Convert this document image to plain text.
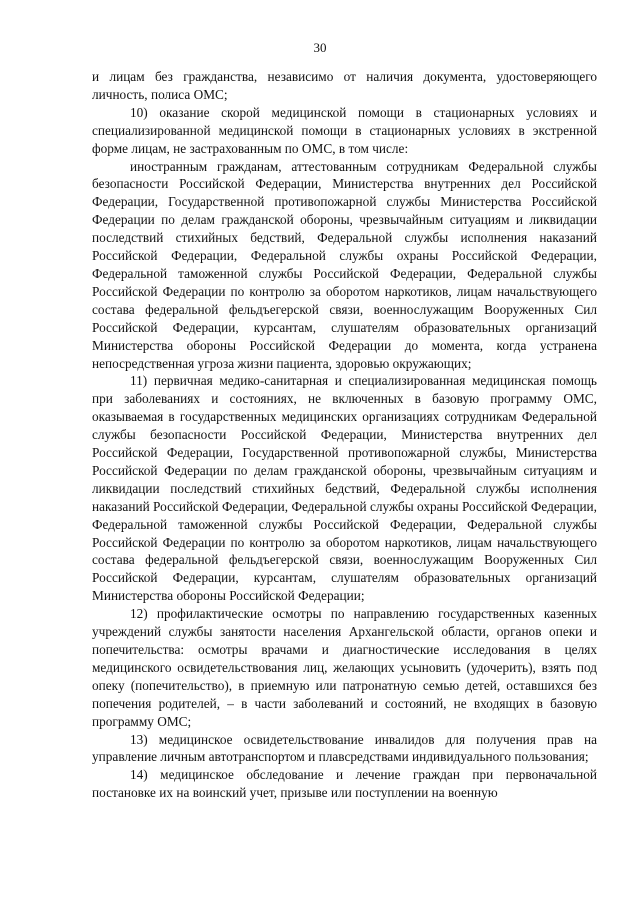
30

и лицам без гражданства, независимо от наличия документа, удостоверяющего личность, полиса ОМС;

10) оказание скорой медицинской помощи в стационарных условиях и специализированной медицинской помощи в стационарных условиях в экстренной форме лицам, не застрахованным по ОМС, в том числе:

иностранным гражданам, аттестованным сотрудникам Федеральной службы безопасности Российской Федерации, Министерства внутренних дел Российской Федерации, Государственной противопожарной службы Министерства Российской Федерации по делам гражданской обороны, чрезвычайным ситуациям и ликвидации последствий стихийных бедствий, Федеральной службы исполнения наказаний Российской Федерации, Федеральной службы охраны Российской Федерации, Федеральной таможенной службы Российской Федерации, Федеральной службы Российской Федерации по контролю за оборотом наркотиков, лицам начальствующего состава федеральной фельдъегерской связи, военнослужащим Вооруженных Сил Российской Федерации, курсантам, слушателям образовательных организаций Министерства обороны Российской Федерации до момента, когда устранена непосредственная угроза жизни пациента, здоровью окружающих;

11) первичная медико-санитарная и специализированная медицинская помощь при заболеваниях и состояниях, не включенных в базовую программу ОМС, оказываемая в государственных медицинских организациях сотрудникам Федеральной службы безопасности Российской Федерации, Министерства внутренних дел Российской Федерации, Государственной противопожарной службы, Министерства Российской Федерации по делам гражданской обороны, чрезвычайным ситуациям и ликвидации последствий стихийных бедствий, Федеральной службы исполнения наказаний Российской Федерации, Федеральной службы охраны Российской Федерации, Федеральной таможенной службы Российской Федерации, Федеральной службы Российской Федерации по контролю за оборотом наркотиков, лицам начальствующего состава федеральной фельдъегерской связи, военнослужащим Вооруженных Сил Российской Федерации, курсантам, слушателям образовательных организаций Министерства обороны Российской Федерации;

12) профилактические осмотры по направлению государственных казенных учреждений службы занятости населения Архангельской области, органов опеки и попечительства: осмотры врачами и диагностические исследования в целях медицинского освидетельствования лиц, желающих усыновить (удочерить), взять под опеку (попечительство), в приемную или патронатную семью детей, оставшихся без попечения родителей, – в части заболеваний и состояний, не входящих в базовую программу ОМС;

13) медицинское освидетельствование инвалидов для получения прав на управление личным автотранспортом и плавсредствами индивидуального пользования;

14) медицинское обследование и лечение граждан при первоначальной постановке их на воинский учет, призыве или поступлении на военную
